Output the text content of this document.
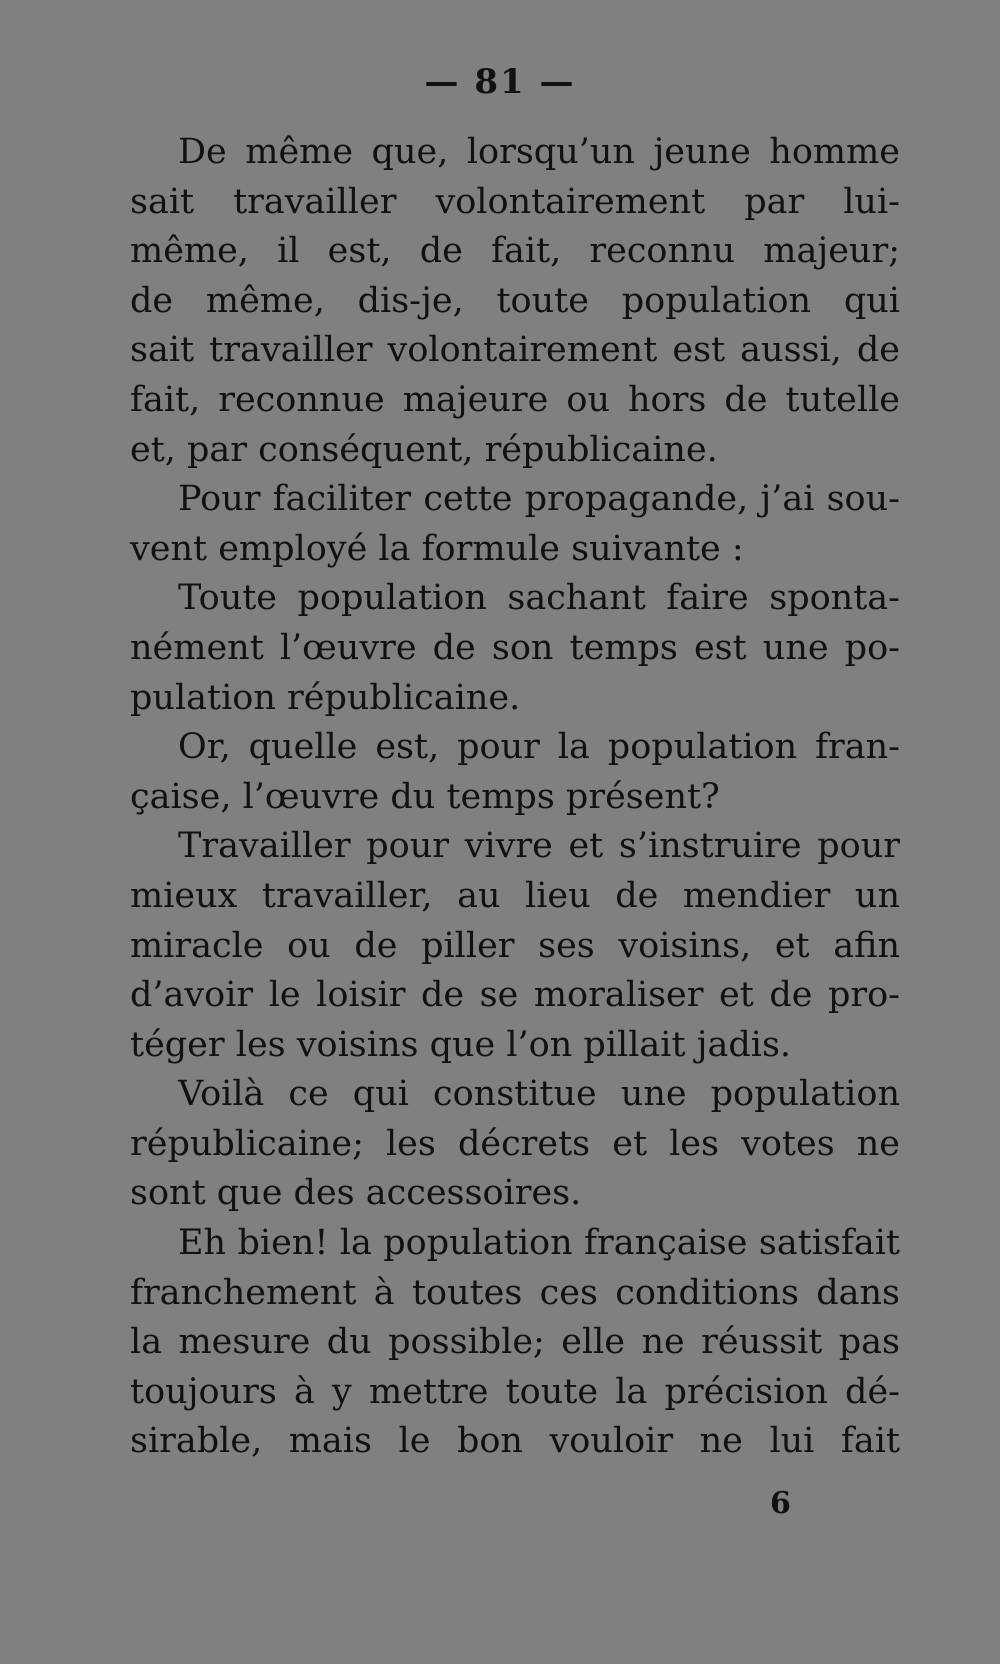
— 81 —
De même que, lorsqu’un jeune homme
sait travailler volontairement par lui-
même, il est, de fait, reconnu majeur;
de même, dis-je, toute population qui
sait travailler volontairement est aussi, de
fait, reconnue majeure ou hors de tutelle
et, par conséquent, républicaine.
Pour faciliter cette propagande, j’ai sou-
vent employé la formule suivante :
Toute population sachant faire sponta-
nément l’œuvre de son temps est une po-
pulation républicaine.
Or, quelle est, pour la population fran-
çaise, l’œuvre du temps présent?
Travailler pour vivre et s’instruire pour
mieux travailler, au lieu de mendier un
miracle ou de piller ses voisins, et afin
d’avoir le loisir de se moraliser et de pro-
téger les voisins que l’on pillait jadis.
Voilà ce qui constitue une population
républicaine; les décrets et les votes ne
sont que des accessoires.
Eh bien! la population française satisfait
franchement à toutes ces conditions dans
la mesure du possible; elle ne réussit pas
toujours à y mettre toute la précision dé-
sirable, mais le bon vouloir ne lui fait
6
